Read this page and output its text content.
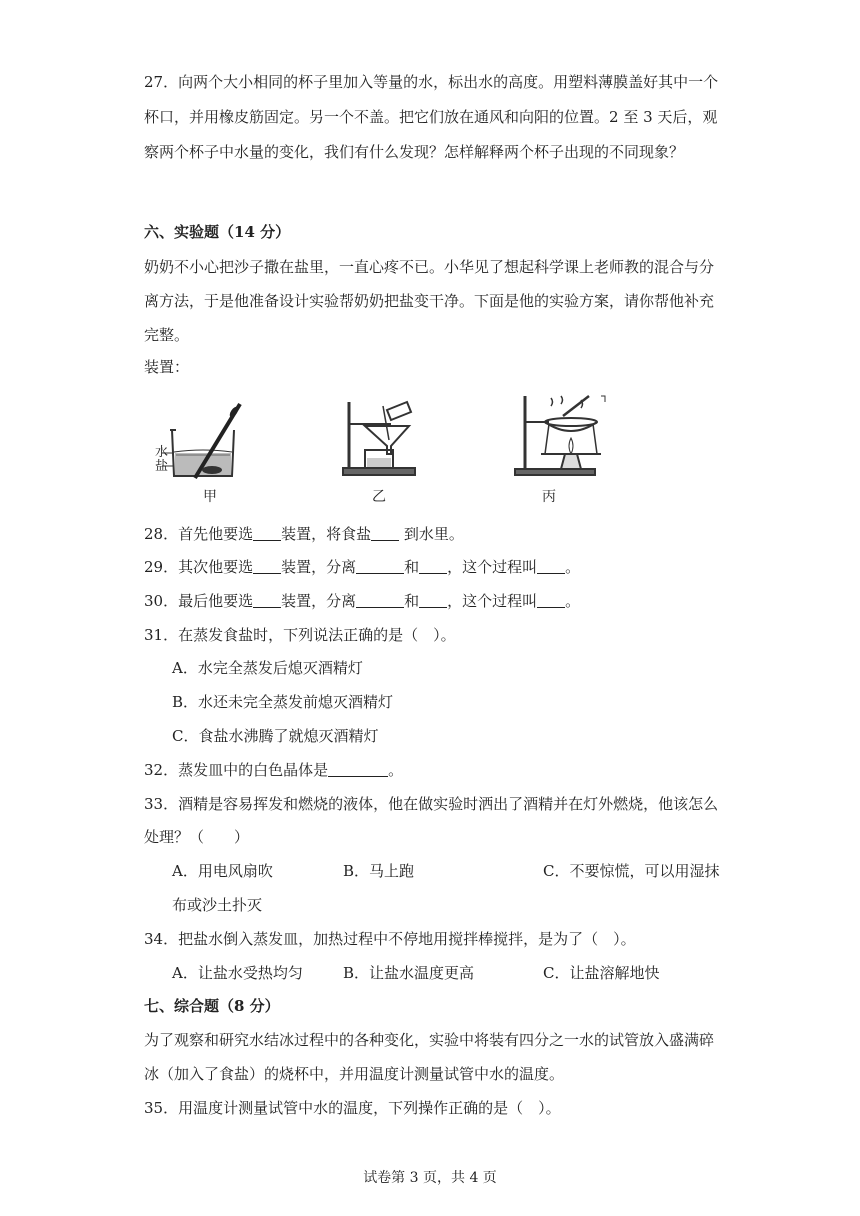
27．向两个大小相同的杯子里加入等量的水，标出水的高度。用塑料薄膜盖好其中一个
杯口，并用橡皮筋固定。另一个不盖。把它们放在通风和向阳的位置。2 至 3 天后，观
察两个杯子中水量的变化，我们有什么发现？怎样解释两个杯子出现的不同现象？
六、实验题（14 分）
奶奶不小心把沙子撒在盐里，一直心疼不已。小华见了想起科学课上老师教的混合与分
离方法，于是他准备设计实验帮奶奶把盐变干净。下面是他的实验方案，请你帮他补充
完整。
装置：
水
盐
甲	乙	丙
28．首先他要选 装置，将食盐 到水里。
29．其次他要选 装置，分离	和 ，这个过程叫 。
30．最后他要选 装置，分离	和 ，这个过程叫 。
31．在蒸发食盐时，下列说法正确的是（　）。
A．水完全蒸发后熄灭酒精灯
B．水还未完全蒸发前熄灭酒精灯
C．食盐水沸腾了就熄灭酒精灯
32．蒸发皿中的白色晶体是	。
33．酒精是容易挥发和燃烧的液体，他在做实验时洒出了酒精并在灯外燃烧，他该怎么
处理？（　　）
A．用电风扇吹	B．马上跑	C．不要惊慌，可以用湿抹
布或沙土扑灭
34．把盐水倒入蒸发皿，加热过程中不停地用搅拌棒搅拌，是为了（　）。
A．让盐水受热均匀	B．让盐水温度更高	C．让盐溶解地快
七、综合题（8 分）
为了观察和研究水结冰过程中的各种变化，实验中将装有四分之一水的试管放入盛满碎
冰（加入了食盐）的烧杯中，并用温度计测量试管中水的温度。
35．用温度计测量试管中水的温度，下列操作正确的是（　）。
试卷第 3 页，共 4 页
